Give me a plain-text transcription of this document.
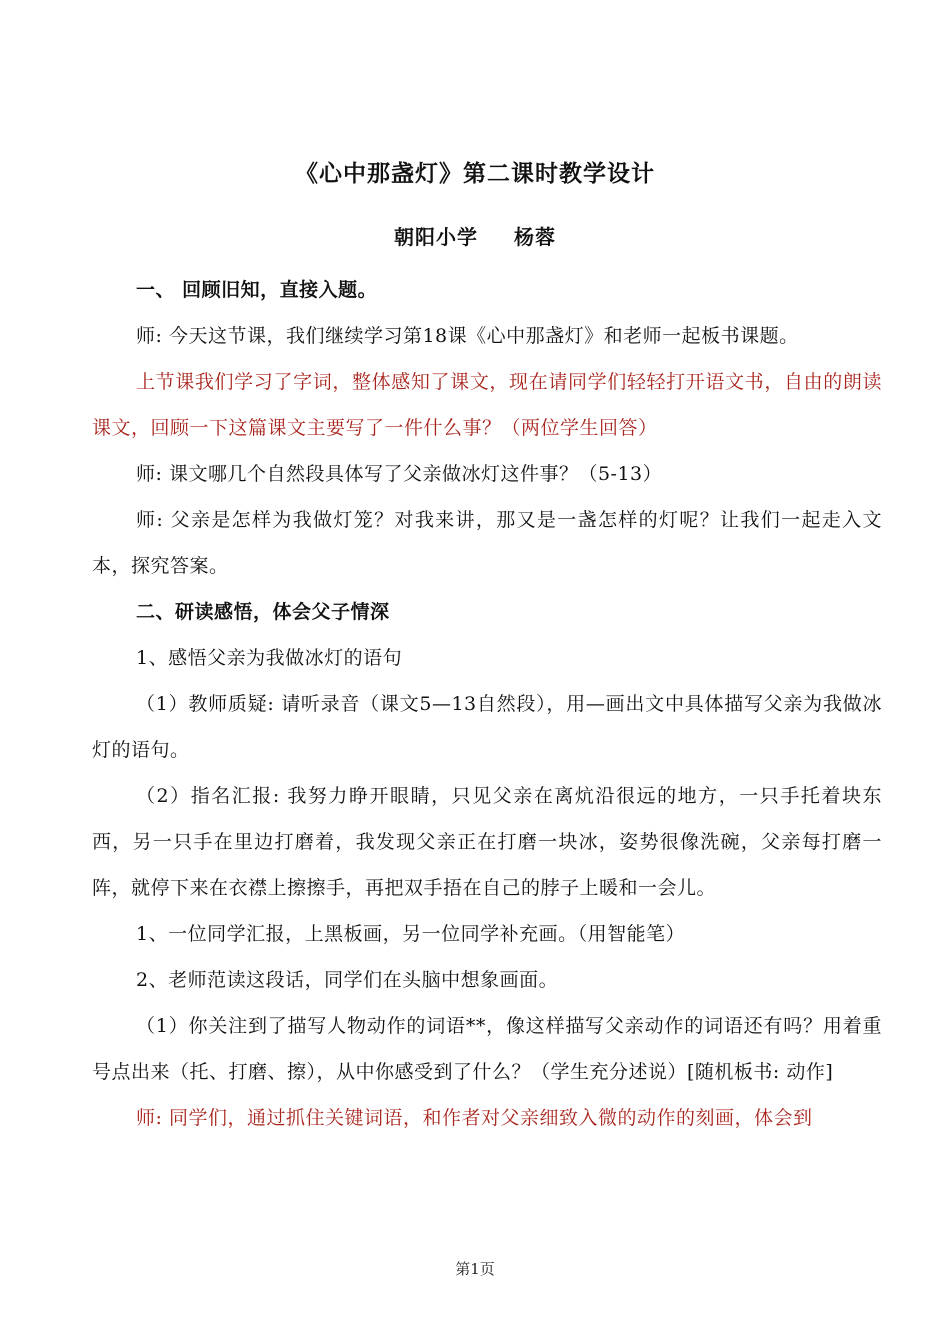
《心中那盏灯》第二课时教学设计
朝阳小学 杨蓉

一、 回顾旧知，直接入题。

师: 今天这节课，我们继续学习第18课《心中那盏灯》和老师一起板书课题。

上节课我们学习了字词，整体感知了课文，现在请同学们轻轻打开语文书，自由的朗读课文，回顾一下这篇课文主要写了一件什么事？（两位学生回答）

师: 课文哪几个自然段具体写了父亲做冰灯这件事？（5-13）

师: 父亲是怎样为我做灯笼？对我来讲，那又是一盏怎样的灯呢？让我们一起走入文本，探究答案。

二、研读感悟，体会父子情深

1、感悟父亲为我做冰灯的语句

（1）教师质疑: 请听录音（课文5—13自然段），用—画出文中具体描写父亲为我做冰灯的语句。

（2）指名汇报: 我努力睁开眼睛，只见父亲在离炕沿很远的地方，一只手托着块东西，另一只手在里边打磨着，我发现父亲正在打磨一块冰，姿势很像洗碗，父亲每打磨一阵，就停下来在衣襟上擦擦手，再把双手捂在自己的脖子上暖和一会儿。

1、一位同学汇报，上黑板画，另一位同学补充画。（用智能笔）

2、老师范读这段话，同学们在头脑中想象画面。

（1）你关注到了描写人物动作的词语**，像这样描写父亲动作的词语还有吗？用着重号点出来（托、打磨、擦），从中你感受到了什么？（学生充分述说）[随机板书: 动作]

师: 同学们，通过抓住关键词语，和作者对父亲细致入微的动作的刻画，体会到

第1页
